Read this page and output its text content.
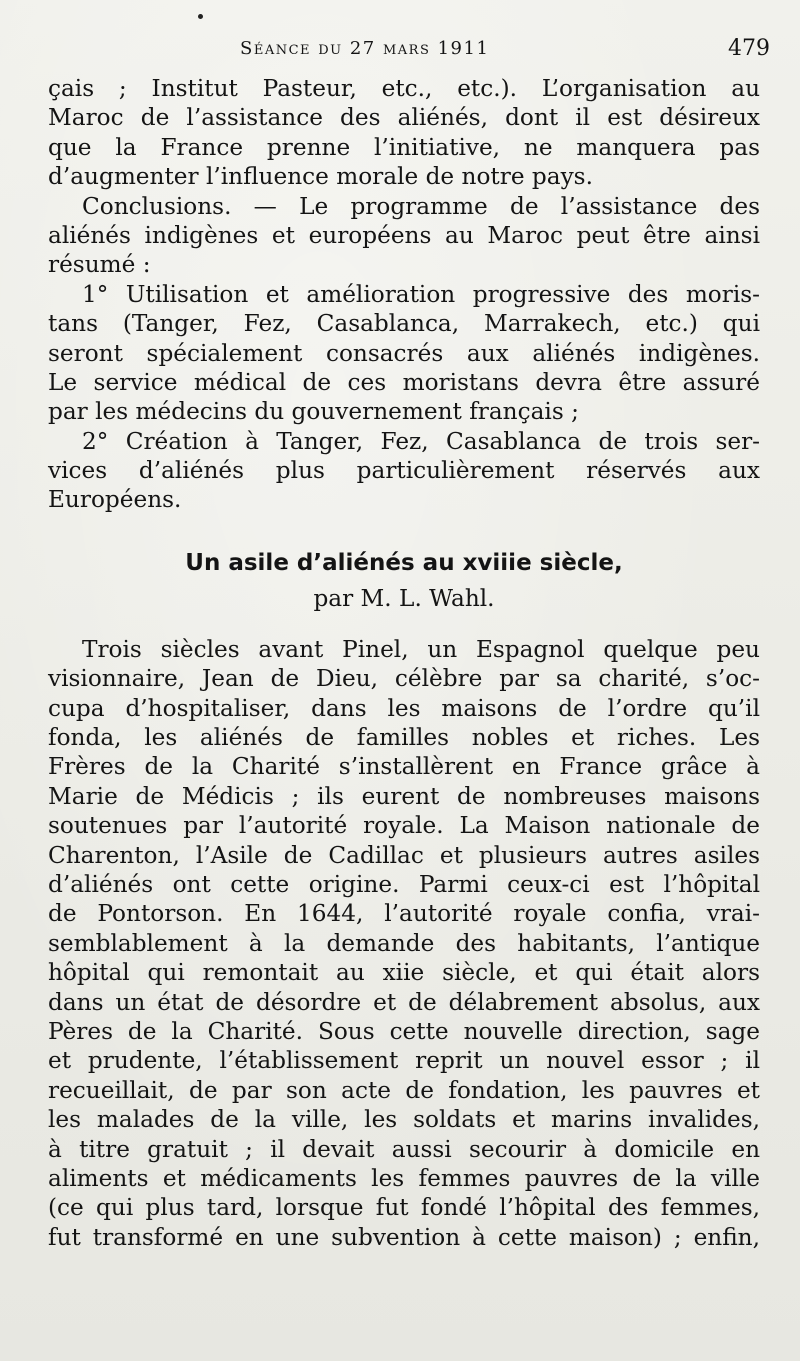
Séance du 27 mars 1911	479
çais ; Institut Pasteur, etc., etc.). L’organisation au
Maroc de l’assistance des aliénés, dont il est désireux
que la France prenne l’initiative, ne manquera pas
d’augmenter l’influence morale de notre pays.
Conclusions. — Le programme de l’assistance des
aliénés indigènes et européens au Maroc peut être ainsi
résumé :
1° Utilisation et amélioration progressive des moris-
tans (Tanger, Fez, Casablanca, Marrakech, etc.) qui
seront spécialement consacrés aux aliénés indigènes.
Le service médical de ces moristans devra être assuré
par les médecins du gouvernement français ;
2° Création à Tanger, Fez, Casablanca de trois ser-
vices d’aliénés plus particulièrement réservés aux
Européens.
Un asile d’aliénés au xviiie siècle,
par M. L. Wahl.
Trois siècles avant Pinel, un Espagnol quelque peu
visionnaire, Jean de Dieu, célèbre par sa charité, s’oc-
cupa d’hospitaliser, dans les maisons de l’ordre qu’il
fonda, les aliénés de familles nobles et riches. Les
Frères de la Charité s’installèrent en France grâce à
Marie de Médicis ; ils eurent de nombreuses maisons
soutenues par l’autorité royale. La Maison nationale de
Charenton, l’Asile de Cadillac et plusieurs autres asiles
d’aliénés ont cette origine. Parmi ceux-ci est l’hôpital
de Pontorson. En 1644, l’autorité royale confia, vrai-
semblablement à la demande des habitants, l’antique
hôpital qui remontait au xiie siècle, et qui était alors
dans un état de désordre et de délabrement absolus, aux
Pères de la Charité. Sous cette nouvelle direction, sage
et prudente, l’établissement reprit un nouvel essor ; il
recueillait, de par son acte de fondation, les pauvres et
les malades de la ville, les soldats et marins invalides,
à titre gratuit ; il devait aussi secourir à domicile en
aliments et médicaments les femmes pauvres de la ville
(ce qui plus tard, lorsque fut fondé l’hôpital des femmes,
fut transformé en une subvention à cette maison) ; enfin,
